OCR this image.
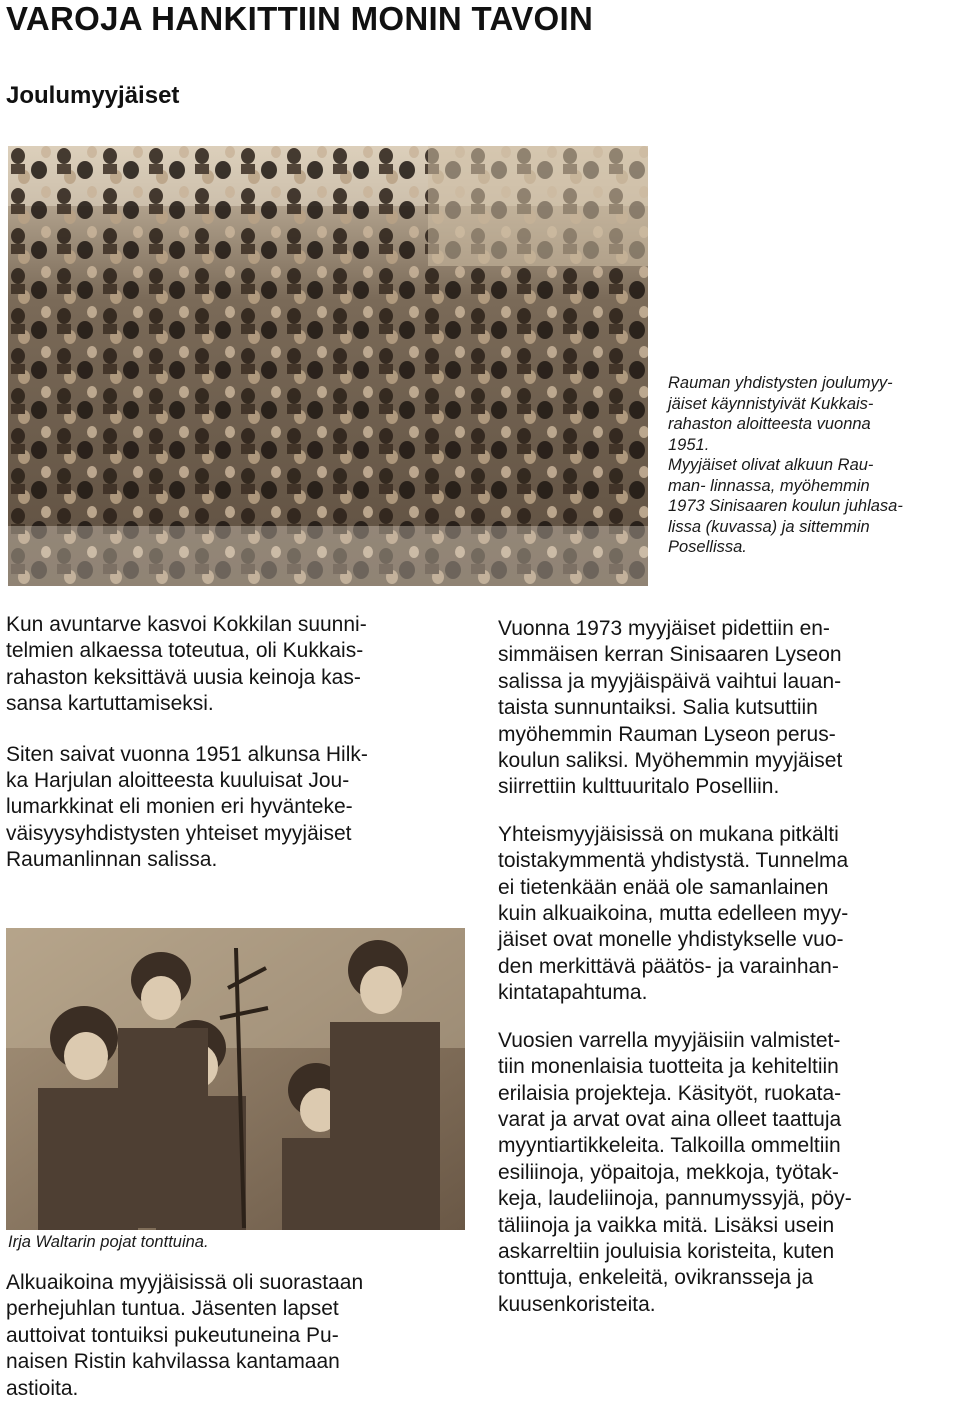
VAROJA HANKITTIIN MONIN TAVOIN
Joulumyyjäiset
Rauman yhdistysten joulumyy-
jäiset käynnistyivät Kukkais-
rahaston aloitteesta vuonna
1951.
Myyjäiset olivat alkuun Rau-
man- linnassa, myöhemmin
1973 Sinisaaren koulun juhlasa-
lissa (kuvassa) ja sittemmin
Posellissa.

Kun avuntarve kasvoi Kokkilan suunni-
telmien alkaessa toteutua, oli Kukkais-
rahaston keksittävä uusia keinoja kas-
sansa kartuttamiseksi.

Siten saivat vuonna 1951 alkunsa Hilk-
ka Harjulan aloitteesta kuuluisat Jou-
lumarkkinat eli monien eri hyväntеke-
väisyysyhdistysten yhteiset myyjäiset
Raumanlinnan salissa.

Irja Waltarin pojat tonttuina.

Alkuaikoina myyjäisissä oli suorastaan
perhejuhlan tuntua. Jäsenten lapset
auttoivat tontuiksi pukeutuneina Pu-
naisen Ristin kahvilassa kantamaan
astioita.

Vuonna 1973 myyjäiset pidettiin en-
simmäisen kerran Sinisaaren Lyseon
salissa ja myyjäispäivä vaihtui lauan-
taista sunnuntaiksi. Salia kutsuttiin
myöhemmin Rauman Lyseon perus-
koulun saliksi. Myöhemmin myyjäiset
siirrettiin kulttuuritalo Poselliin.

Yhteismyyjäisissä on mukana pitkälti
toistakymmentä yhdistystä. Tunnelma
ei tietenkään enää ole samanlainen
kuin alkuaikoina, mutta edelleen myy-
jäiset ovat monelle yhdistykselle vuo-
den merkittävä päätös- ja varainhan-
kintatapahtuma.

Vuosien varrella myyjäisiin valmistet-
tiin monenlaisia tuotteita ja kehiteltiin
erilaisia projekteja. Käsityöt, ruokata-
varat ja arvat ovat aina olleet taattuja
myyntiartikkeleita. Talkoilla ommeltiin
esiliinoja, yöpaitoja, mekkoja, työtak-
keja, laudeliinoja, pannumyssyjä, pöy-
täliinoja ja vaikka mitä. Lisäksi usein
askarreltiin jouluisia koristeita, kuten
tonttuja, enkeleitä, ovikransseja ja
kuusenkoristeita.
